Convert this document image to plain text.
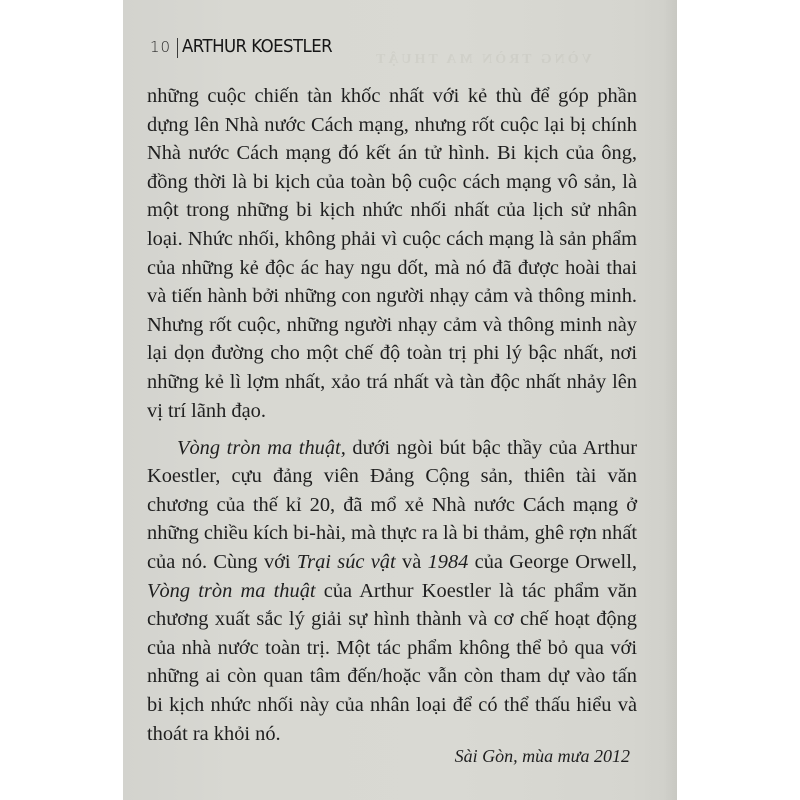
VÒNG TRÒN MA THUẬT
10 ARTHUR KOESTLER
những cuộc chiến tàn khốc nhất với kẻ thù để góp phần
dựng lên Nhà nước Cách mạng, nhưng rốt cuộc lại bị chính
Nhà nước Cách mạng đó kết án tử hình. Bi kịch của ông,
đồng thời là bi kịch của toàn bộ cuộc cách mạng vô sản, là
một trong những bi kịch nhức nhối nhất của lịch sử nhân
loại. Nhức nhối, không phải vì cuộc cách mạng là sản phẩm
của những kẻ độc ác hay ngu dốt, mà nó đã được hoài thai
và tiến hành bởi những con người nhạy cảm và thông minh.
Nhưng rốt cuộc, những người nhạy cảm và thông minh này
lại dọn đường cho một chế độ toàn trị phi lý bậc nhất, nơi
những kẻ lì lợm nhất, xảo trá nhất và tàn độc nhất nhảy lên
vị trí lãnh đạo.
Vòng tròn ma thuật, dưới ngòi bút bậc thầy của Arthur
Koestler, cựu đảng viên Đảng Cộng sản, thiên tài văn
chương của thế kỉ 20, đã mổ xẻ Nhà nước Cách mạng ở
những chiều kích bi-hài, mà thực ra là bi thảm, ghê rợn nhất
của nó. Cùng với Trại súc vật và 1984 của George Orwell,
Vòng tròn ma thuật của Arthur Koestler là tác phẩm văn
chương xuất sắc lý giải sự hình thành và cơ chế hoạt động
của nhà nước toàn trị. Một tác phẩm không thể bỏ qua với
những ai còn quan tâm đến/hoặc vẫn còn tham dự vào tấn
bi kịch nhức nhối này của nhân loại để có thể thấu hiểu và
thoát ra khỏi nó.
Sài Gòn, mùa mưa 2012
